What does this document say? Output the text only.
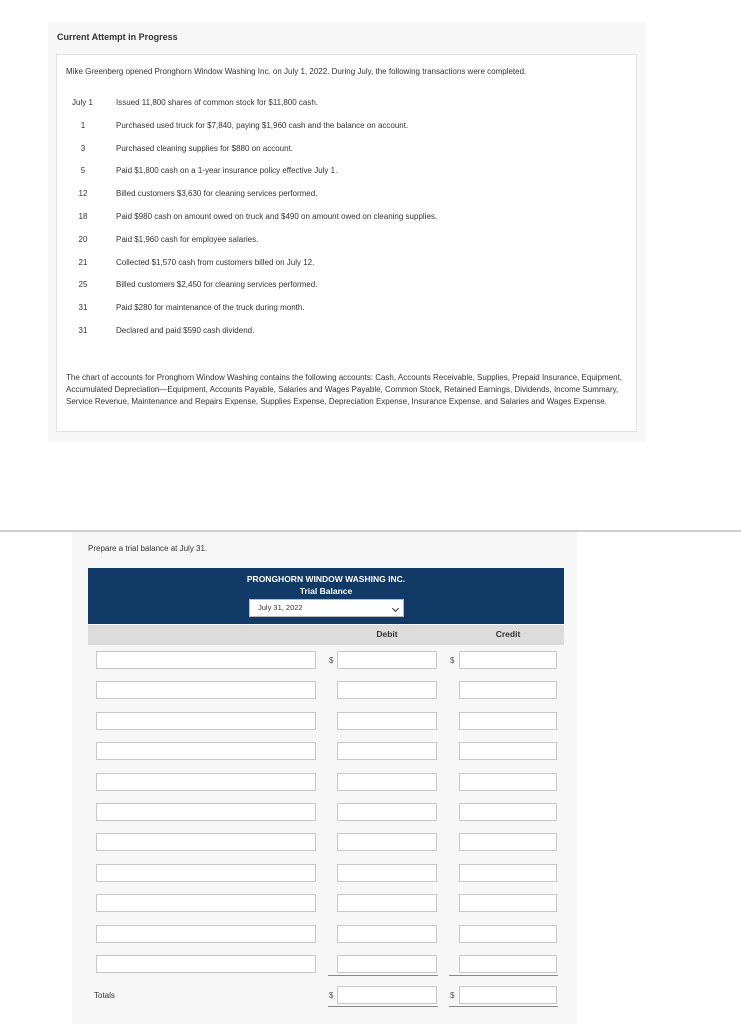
Current Attempt in Progress
Mike Greenberg opened Pronghorn Window Washing Inc. on July 1, 2022. During July, the following transactions were completed.
July 1	Issued 11,800 shares of common stock for $11,800 cash.
1	Purchased used truck for $7,840, paying $1,960 cash and the balance on account.
3	Purchased cleaning supplies for $880 on account.
5	Paid $1,800 cash on a 1-year insurance policy effective July 1.
12	Billed customers $3,630 for cleaning services performed.
18	Paid $980 cash on amount owed on truck and $490 on amount owed on cleaning supplies.
20	Paid $1,960 cash for employee salaries.
21	Collected $1,570 cash from customers billed on July 12.
25	Billed customers $2,450 for cleaning services performed.
31	Paid $280 for maintenance of the truck during month.
31	Declared and paid $590 cash dividend.
The chart of accounts for Pronghorn Window Washing contains the following accounts: Cash, Accounts Receivable, Supplies, Prepaid Insurance, Equipment, Accumulated Depreciation—Equipment, Accounts Payable, Salaries and Wages Payable, Common Stock, Retained Earnings, Dividends, Income Summary, Service Revenue, Maintenance and Repairs Expense, Supplies Expense, Depreciation Expense, Insurance Expense, and Salaries and Wages Expense.
Prepare a trial balance at July 31.
PRONGHORN WINDOW WASHING INC.
Trial Balance
July 31, 2022
Debit	Credit
$	$
Totals	$	$
